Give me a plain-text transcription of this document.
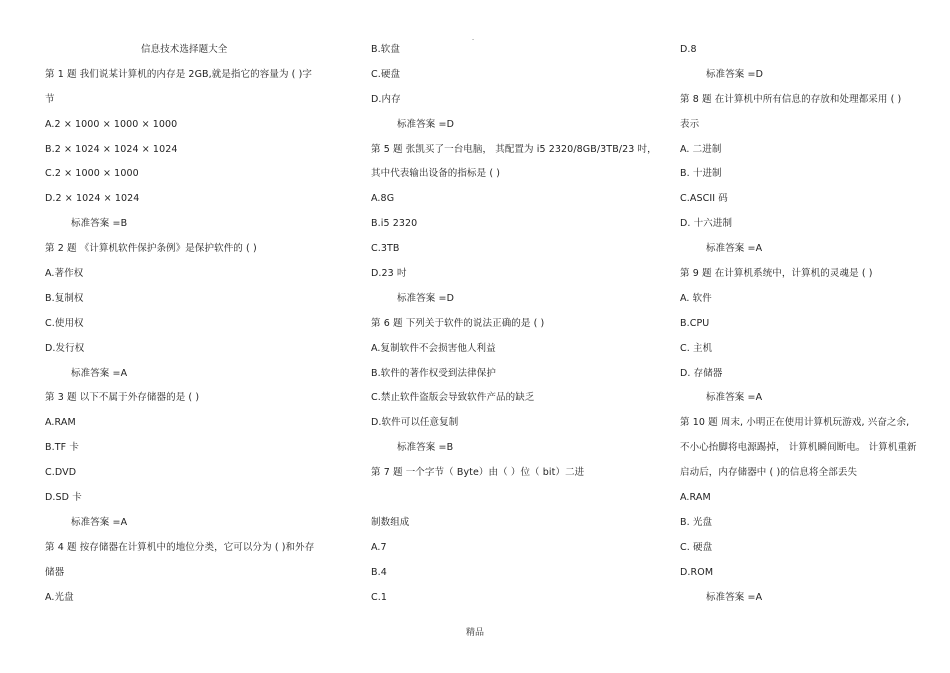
-
信息技术选择题大全
第 1 题 我们说某计算机的内存是 2GB,就是指它的容量为 ( )字
节
A.2 × 1000 × 1000 × 1000
B.2 × 1024 × 1024 × 1024
C.2 × 1000 × 1000
D.2 × 1024 × 1024
标准答案 =B
第 2 题 《计算机软件保护条例》是保护软件的 ( )
A.著作权
B.复制权
C.使用权
D.发行权
标准答案 =A
第 3 题 以下不属于外存储器的是 ( )
A.RAM
B.TF 卡
C.DVD
D.SD 卡
标准答案 =A
第 4 题 按存储器在计算机中的地位分类，它可以分为 ( )和外存
储器
A.光盘
B.软盘
C.硬盘
D.内存
标准答案 =D
第 5 题 张凯买了一台电脑， 其配置为 i5 2320/8GB/3TB/23 吋，
其中代表输出设备的指标是 ( )
A.8G
B.i5 2320
C.3TB
D.23 吋
标准答案 =D
第 6 题 下列关于软件的说法正确的是 ( )
A.复制软件不会损害他人利益
B.软件的著作权受到法律保护
C.禁止软件盗版会导致软件产品的缺乏
D.软件可以任意复制
标准答案 =B
第 7 题 一个字节（ Byte）由（ ）位（ bit）二进
制数组成
A.7
B.4
C.1
D.8
标准答案 =D
第 8 题 在计算机中所有信息的存放和处理都采用 ( )
表示
A. 二进制
B. 十进制
C.ASCII 码
D. 十六进制
标准答案 =A
第 9 题 在计算机系统中，计算机的灵魂是 ( )
A. 软件
B.CPU
C. 主机
D. 存储器
标准答案 =A
第 10 题 周末, 小明正在使用计算机玩游戏, 兴奋之余,
不小心抬脚将电源踢掉， 计算机瞬间断电。 计算机重新
启动后，内存储器中 ( )的信息将全部丢失
A.RAM
B. 光盘
C. 硬盘
D.ROM
标准答案 =A
精品
